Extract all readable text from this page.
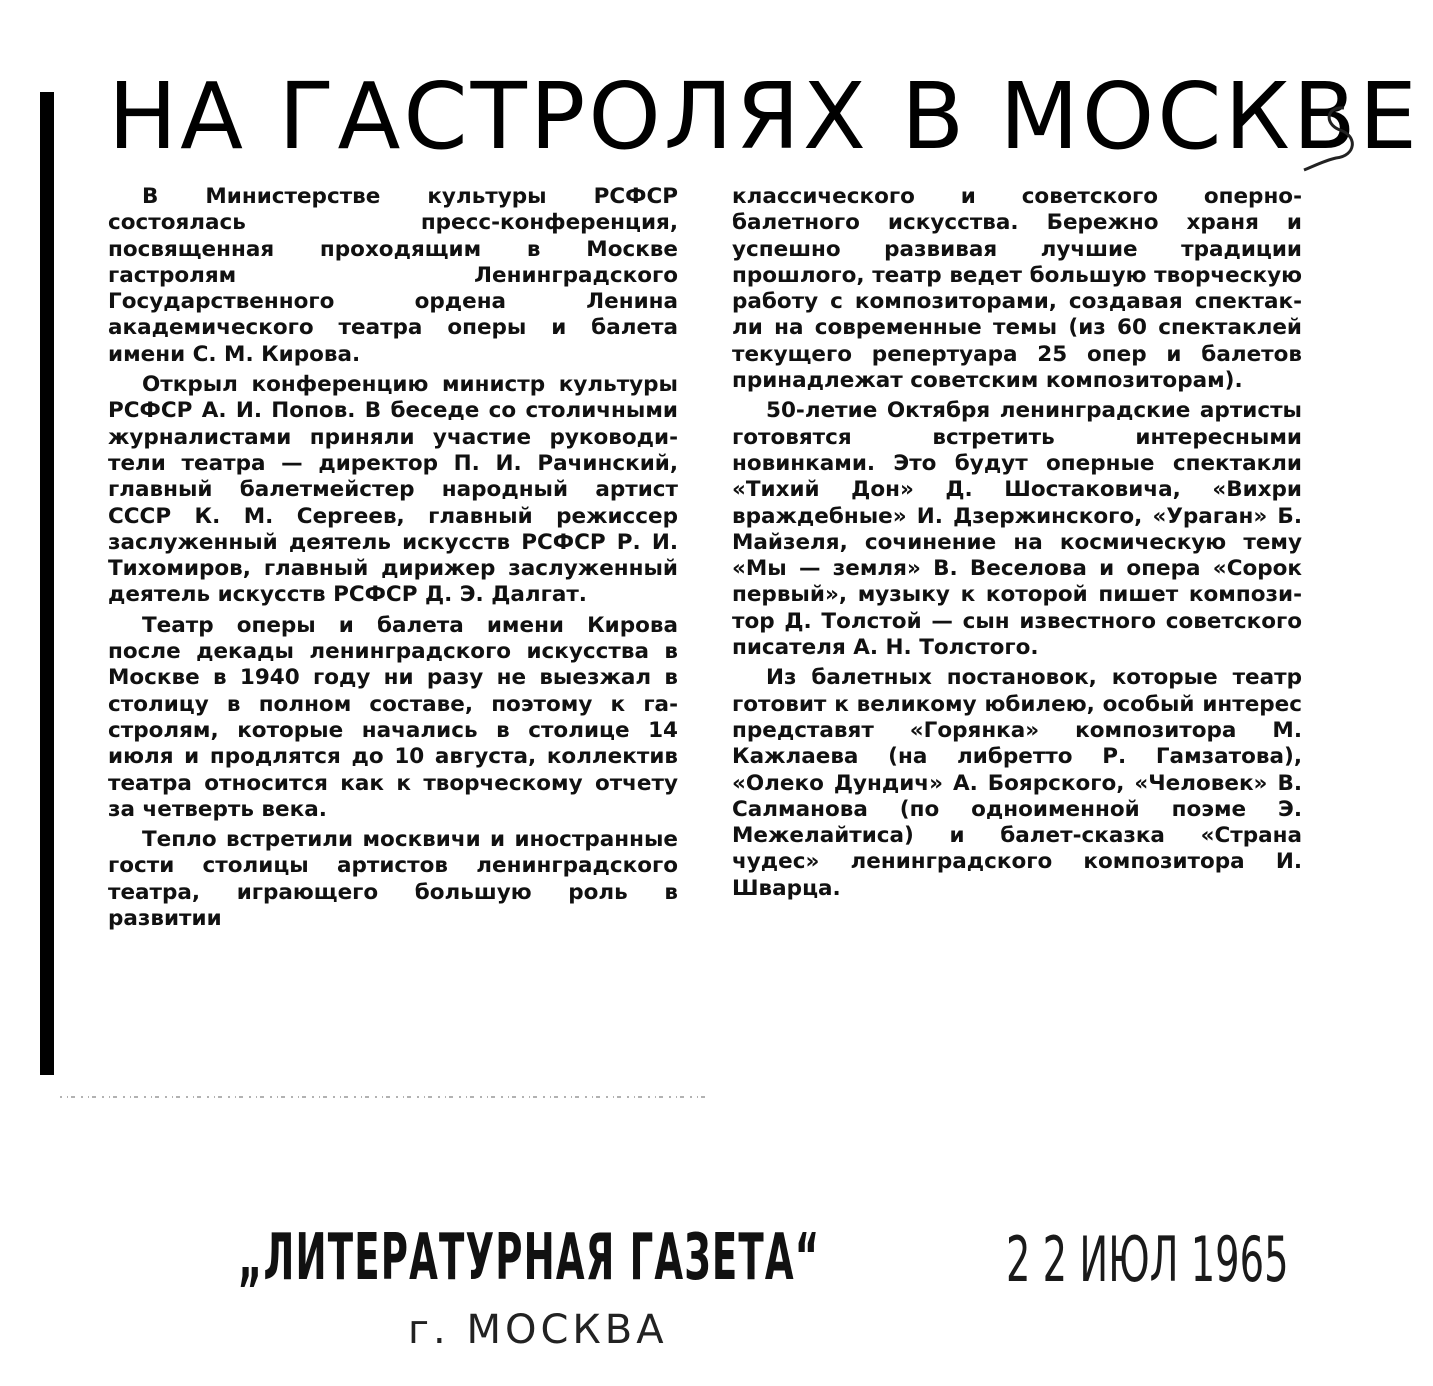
НА ГАСТРОЛЯХ В МОСКВЕ

В Министерстве культуры РСФСР состоялась пресс-конференция, посвященная проходящим в Москве гастролям Ленинградского Государственного ордена Ленина академического театра оперы и балета имени С. М. Кирова.

Открыл конференцию министр культуры РСФСР А. И. Попов. В беседе со столичными журналистами приняли участие руководители театра — директор П. И. Рачинский, главный балетмейстер народный артист СССР К. М. Сергеев, главный режиссер заслуженный деятель искусств РСФСР Р. И. Тихомиров, главный дирижер заслуженный деятель искусств РСФСР Д. Э. Далгат.

Театр оперы и балета имени Кирова после декады ленинградского искусства в Москве в 1940 году ни разу не выезжал в столицу в полном составе, поэтому к гастролям, которые начались в столице 14 июля и продлятся до 10 августа, коллектив театра относится как к творческому отчету за четверть века.

Тепло встретили москвичи и иностранные гости столицы артистов ленинградского театра, играющего большую роль в развитии

классического и советского оперно-балетного искусства. Бережно храня и успешно развивая лучшие традиции прошлого, театр ведет большую творческую работу с композиторами, создавая спектакли на современные темы (из 60 спектаклей текущего репертуара 25 опер и балетов принадлежат советским композиторам).

50-летие Октября ленинградские артисты готовятся встретить интересными новинками. Это будут оперные спектакли «Тихий Дон» Д. Шостаковича, «Вихри враждебные» И. Дзержинского, «Ураган» Б. Майзеля, сочинение на космическую тему «Мы — земля» В. Веселова и опера «Сорок первый», музыку к которой пишет композитор Д. Толстой — сын известного советского писателя А. Н. Толстого.

Из балетных постановок, которые театр готовит к великому юбилею, особый интерес представят «Горянка» композитора М. Кажлаева (на либретто Р. Гамзатова), «Олеко Дундич» А. Боярского, «Человек» В. Салманова (по одноименной поэме Э. Межелайтиса) и балет-сказка «Страна чудес» ленинградского композитора И. Шварца.

„ЛИТЕРАТУРНАЯ ГАЗЕТА“	2 2 ИЮЛ 1965
г. МОСКВА
